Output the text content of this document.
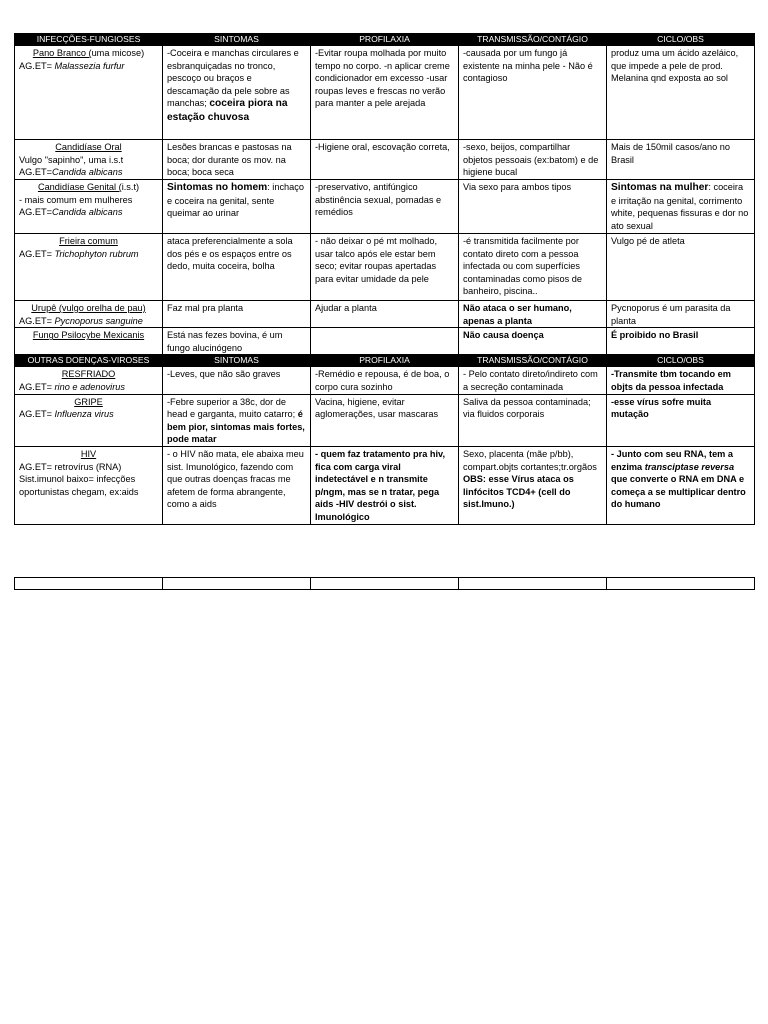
INFECÇÕES-FUNGIOSES	SINTOMAS	PROFILAXIA	TRANSMISSÃO/CONTÁGIO	CICLO/OBS

Pano Branco (uma micose)
AG.ET= Malassezia furfur	-Coceira e manchas circulares e esbranquiçadas no tronco, pescoço ou braços e descamação da pele sobre as manchas; coceira piora na estação chuvosa	-Evitar roupa molhada por muito tempo no corpo. -n aplicar creme condicionador em excesso -usar roupas leves e frescas no verão para manter a pele arejada	-causada por um fungo já existente na minha pele - Não é contagioso	produz uma um ácido azeláico, que impede a pele de prod. Melanina qnd exposta ao sol

Candidíase Oral
Vulgo "sapinho", uma i.s.t
AG.ET=Candida albicans	Lesões brancas e pastosas na boca; dor durante os mov. na boca; boca seca	-Higiene oral, escovação correta,	-sexo, beijos, compartilhar objetos pessoais (ex:batom) e de higiene bucal	Mais de 150mil casos/ano no Brasil

Candidíase Genital (i.s.t)
- mais comum em mulheres
AG.ET=Candida albicans	Sintomas no homem: inchaço e coceira na genital, sente queimar ao urinar	-preservativo, antifúngico abstinência sexual, pomadas e remédios	Via sexo para ambos tipos	Sintomas na mulher: coceira e irritação na genital, corrimento white, pequenas fissuras e dor no ato sexual

Frieira comum
AG.ET= Trichophyton rubrum	ataca preferencialmente a sola dos pés e os espaços entre os dedo, muita coceira, bolha	- não deixar o pé mt molhado, usar talco após ele estar bem seco; evitar roupas apertadas para evitar umidade da pele	-é transmitida facilmente por contato direto com a pessoa infectada ou com superfícies contaminadas como pisos de banheiro, piscina..	Vulgo pé de atleta

Urupê (vulgo orelha de pau)
AG.ET= Pycnoporus sanguine	Faz mal pra planta	Ajudar a planta	Não ataca o ser humano, apenas a planta	Pycnoporus é um parasita da planta

Fungo Psilocybe Mexicanis	Está nas fezes bovina, é um fungo alucinógeno		Não causa doença	É proibido no Brasil
OUTRAS DOENÇAS-VIROSES	SINTOMAS	PROFILAXIA	TRANSMISSÃO/CONTÁGIO	CICLO/OBS

RESFRIADO
AG.ET= rino e adenovirus	-Leves, que não são graves	-Remédio e repousa, é de boa, o corpo cura sozinho	- Pelo contato direto/indireto com a secreção contaminada	-Transmite tbm tocando em objts da pessoa infectada

GRIPE
AG.ET= Influenza virus	-Febre superior a 38c, dor de head e garganta, muito catarro; é bem pior, sintomas mais fortes, pode matar	Vacina, higiene, evitar aglomerações, usar mascaras	Saliva da pessoa contaminada; via fluidos corporais	-esse vírus sofre muita mutação

HIV
AG.ET= retrovírus (RNA)
Sist.imunol baixo= infecções oportunistas chegam, ex:aids	- o HIV não mata, ele abaixa meu sist. Imunológico, fazendo com que outras doenças fracas me afetem de forma abrangente, como a aids	- quem faz tratamento pra hiv, fica com carga viral indetectável e n transmite p/ngm, mas se n tratar, pega aids -HIV destrói o sist. Imunológico	Sexo, placenta (mãe p/bb), compart.objts cortantes;tr.orgãos OBS: esse Vírus ataca os linfócitos TCD4+ (cell do sist.Imuno.)	- Junto com seu RNA, tem a enzima transciptase reversa que converte o RNA em DNA e começa a se multiplicar dentro do humano
